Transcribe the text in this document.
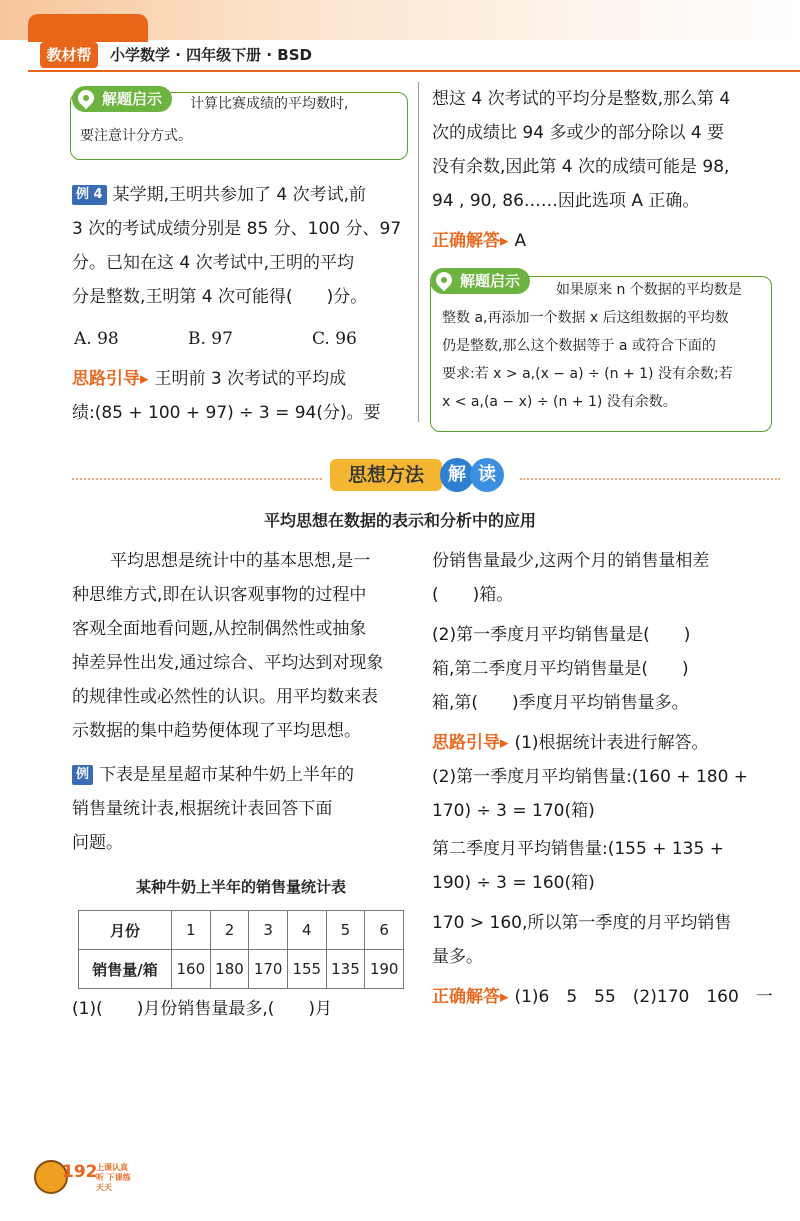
教材帮	小学数学 · 四年级下册 · BSD
解题启示	计算比赛成绩的平均数时,
要注意计分方式。
例 4 某学期,王明共参加了 4 次考试,前
3 次的考试成绩分别是 85 分、100 分、97
分。已知在这 4 次考试中,王明的平均
分是整数,王明第 4 次可能得(　　)分。
A. 98	B. 97	C. 96
思路引导▸ 王明前 3 次考试的平均成
绩:(85 + 100 + 97) ÷ 3 = 94(分)。要
想这 4 次考试的平均分是整数,那么第 4
次的成绩比 94 多或少的部分除以 4 要
没有余数,因此第 4 次的成绩可能是 98,
94 , 90, 86……因此选项 A 正确。
正确解答▸ A
解题启示	如果原来 n 个数据的平均数是
整数 a,再添加一个数据 x 后这组数据的平均数
仍是整数,那么这个数据等于 a 或符合下面的
要求:若 x > a,(x − a) ÷ (n + 1) 没有余数;若
x < a,(a − x) ÷ (n + 1) 没有余数。
思想方法	解 读
平均思想在数据的表示和分析中的应用
平均思想是统计中的基本思想,是一
种思维方式,即在认识客观事物的过程中
客观全面地看问题,从控制偶然性或抽象
掉差异性出发,通过综合、平均达到对现象
的规律性或必然性的认识。用平均数来表
示数据的集中趋势便体现了平均思想。
例 下表是星星超市某种牛奶上半年的
销售量统计表,根据统计表回答下面
问题。
某种牛奶上半年的销售量统计表
月份	1	2	3	4	5	6
销售量/箱	160	180	170	155	135	190
(1)(　　)月份销售量最多,(　　)月
份销售量最少,这两个月的销售量相差
(　　)箱。
(2)第一季度月平均销售量是(　　)
箱,第二季度月平均销售量是(　　)
箱,第(　　)季度月平均销售量多。
思路引导▸ (1)根据统计表进行解答。
(2)第一季度月平均销售量:(160 + 180 +
170) ÷ 3 = 170(箱)
第二季度月平均销售量:(155 + 135 +
190) ÷ 3 = 160(箱)
170 > 160,所以第一季度的月平均销售
量多。
正确解答▸ (1)6　5　55　(2)170　160　一
192
上课认真听 下课练天天
